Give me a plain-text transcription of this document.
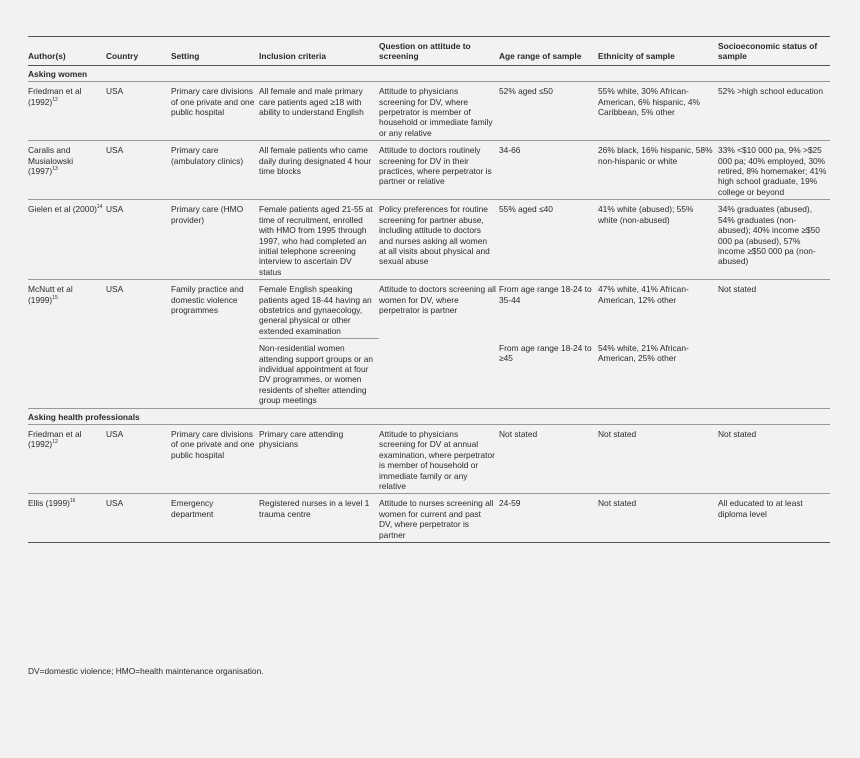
Author(s)	Country	Setting	Inclusion criteria	Question on attitude to screening	Age range of sample	Ethnicity of sample	Socioeconomic status of sample
Asking women							
Friedman et al $(1992)^{12}$	USA	Primary care divisions of one private and one public hospital	All female and male primary care patients aged ≥18 with ability to understand English	Attitude to physicians screening for DV, where perpetrator is member of household or immediate family or any relative	52% aged ≤50	55% white, 30% African-American, 6% hispanic, 4% Caribbean, 5% other	52% >high school education
Caralis and Musialowski $(1997)^{13}$	USA	Primary care (ambulatory clinics)	All female patients who came daily during designated 4 hour time blocks	Attitude to doctors routinely screening for DV in their practices, where perpetrator is partner or relative	34-66	26% black, 16% hispanic, 58% non-hispanic or white	33% <$10 000 pa, 9% >$25 000 pa; 40% employed, 30% retired, 8% homemaker; 41% high school graduate, 19% college or beyond
Gielen et al $(2000)^{14}$	USA	Primary care (HMO provider)	Female patients aged 21-55 at time of recruitment, enrolled with HMO from 1995 through 1997, who had completed an initial telephone screening interview to ascertain DV status	Policy preferences for routine screening for partner abuse, including attitude to doctors and nurses asking all women at all visits about physical and sexual abuse	55% aged ≤40	41% white (abused); 55% white (non-abused)	34% graduates (abused), 54% graduates (non-abused); 40% income ≥$50 000 pa (abused), 57% income ≥$50 000 pa (non-abused)
McNutt et al $(1999)^{15}$	USA	Family practice and domestic violence programmes	Female English speaking patients aged 18-44 having an obstetrics and gynaecology, general physical or other extended examination	Attitude to doctors screening all women for DV, where perpetrator is partner	From age range 18-24 to 35-44	47% white, 41% African-American, 12% other	Not stated
			Non-residential women attending support groups or an individual appointment at four DV programmes, or women residents of shelter attending group meetings		From age range 18-24 to ≥45	54% white, 21% African-American, 25% other	
Asking health professionals							
Friedman et al $(1992)^{12}$	USA	Primary care divisions of one private and one public hospital	Primary care attending physicians	Attitude to physicians screening for DV at annual examination, where perpetrator is member of household or immediate family or any relative	Not stated	Not stated	Not stated
Ellis $(1999)^{16}$	USA	Emergency department	Registered nurses in a level 1 trauma centre	Attitude to nurses screening all women for current and past DV, where perpetrator is partner	24-59	Not stated	All educated to at least diploma level
DV=domestic violence; HMO=health maintenance organisation.
